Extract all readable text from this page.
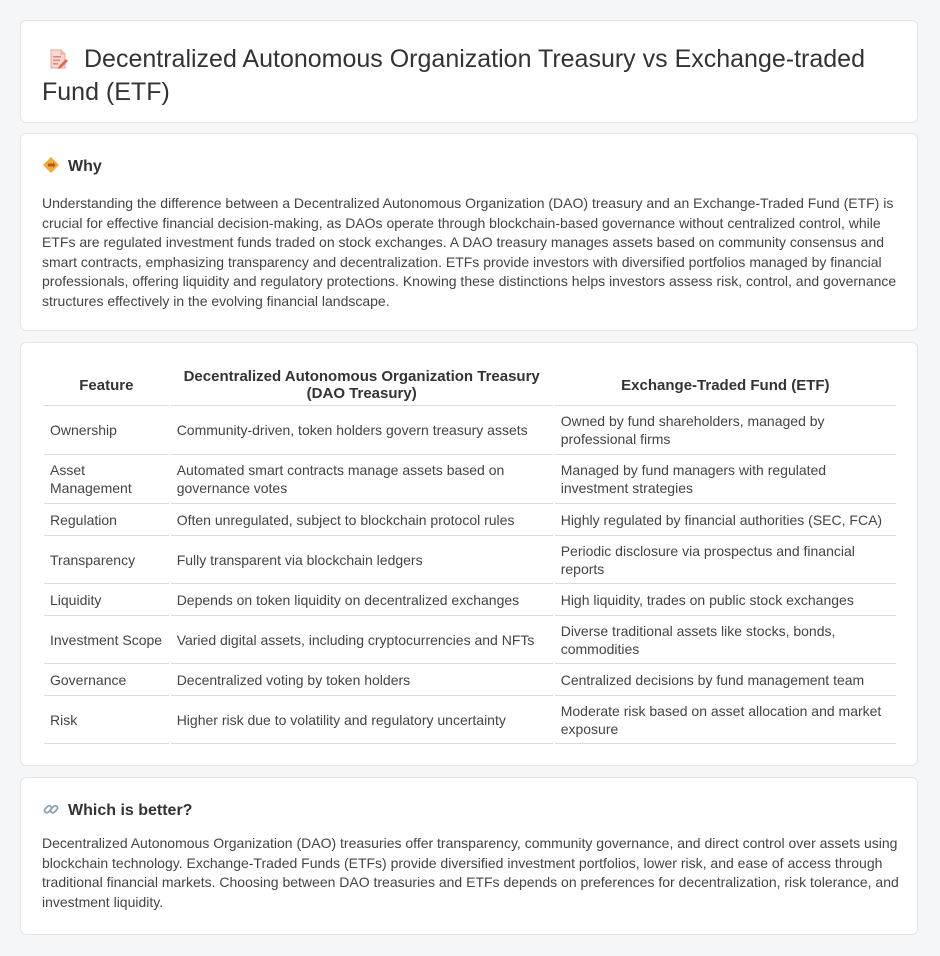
Decentralized Autonomous Organization Treasury vs Exchange-traded Fund (ETF)
Why

Understanding the difference between a Decentralized Autonomous Organization (DAO) treasury and an Exchange-Traded Fund (ETF) is crucial for effective financial decision-making, as DAOs operate through blockchain-based governance without centralized control, while ETFs are regulated investment funds traded on stock exchanges. A DAO treasury manages assets based on community consensus and smart contracts, emphasizing transparency and decentralization. ETFs provide investors with diversified portfolios managed by financial professionals, offering liquidity and regulatory protections. Knowing these distinctions helps investors assess risk, control, and governance structures effectively in the evolving financial landscape.

Feature	Decentralized Autonomous Organization Treasury (DAO Treasury)	Exchange-Traded Fund (ETF)
Ownership	Community-driven, token holders govern treasury assets	Owned by fund shareholders, managed by professional firms
Asset Management	Automated smart contracts manage assets based on governance votes	Managed by fund managers with regulated investment strategies
Regulation	Often unregulated, subject to blockchain protocol rules	Highly regulated by financial authorities (SEC, FCA)
Transparency	Fully transparent via blockchain ledgers	Periodic disclosure via prospectus and financial reports
Liquidity	Depends on token liquidity on decentralized exchanges	High liquidity, trades on public stock exchanges
Investment Scope	Varied digital assets, including cryptocurrencies and NFTs	Diverse traditional assets like stocks, bonds, commodities
Governance	Decentralized voting by token holders	Centralized decisions by fund management team
Risk	Higher risk due to volatility and regulatory uncertainty	Moderate risk based on asset allocation and market exposure
Which is better?

Decentralized Autonomous Organization (DAO) treasuries offer transparency, community governance, and direct control over assets using blockchain technology. Exchange-Traded Funds (ETFs) provide diversified investment portfolios, lower risk, and ease of access through traditional financial markets. Choosing between DAO treasuries and ETFs depends on preferences for decentralization, risk tolerance, and investment liquidity.
